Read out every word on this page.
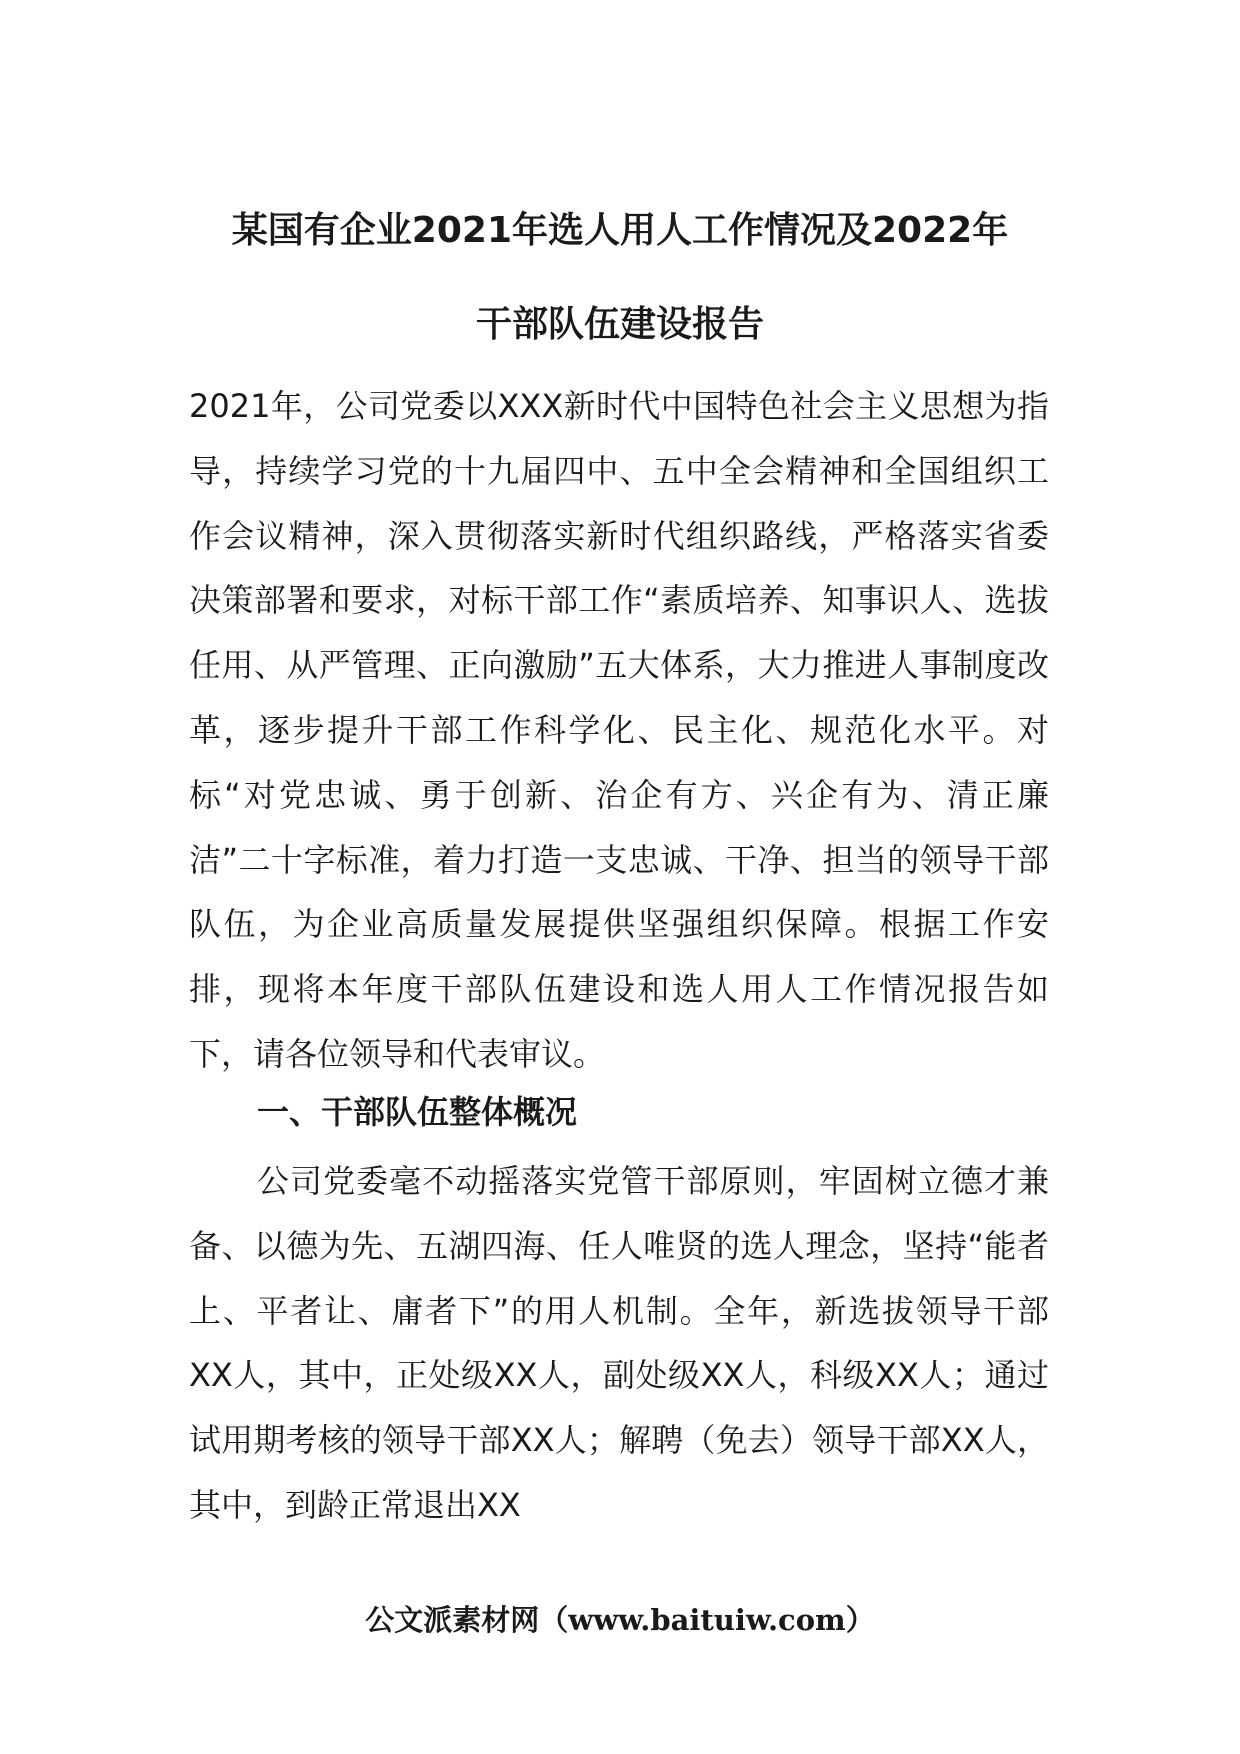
某国有企业2021年选人用人工作情况及2022年
干部队伍建设报告

2021年，公司党委以XXX新时代中国特色社会主义思想为指导，持续学习党的十九届四中、五中全会精神和全国组织工作会议精神，深入贯彻落实新时代组织路线，严格落实省委决策部署和要求，对标干部工作“素质培养、知事识人、选拔任用、从严管理、正向激励”五大体系，大力推进人事制度改革，逐步提升干部工作科学化、民主化、规范化水平。对标“对党忠诚、勇于创新、治企有方、兴企有为、清正廉洁”二十字标准，着力打造一支忠诚、干净、担当的领导干部队伍，为企业高质量发展提供坚强组织保障。根据工作安排，现将本年度干部队伍建设和选人用人工作情况报告如下，请各位领导和代表审议。

一、干部队伍整体概况

公司党委毫不动摇落实党管干部原则，牢固树立德才兼备、以德为先、五湖四海、任人唯贤的选人理念，坚持“能者上、平者让、庸者下”的用人机制。全年，新选拔领导干部XX人，其中，正处级XX人，副处级XX人，科级XX人；通过试用期考核的领导干部XX人；解聘（免去）领导干部XX人，其中，到龄正常退出XX

公文派素材网（www.baituiw.com）
